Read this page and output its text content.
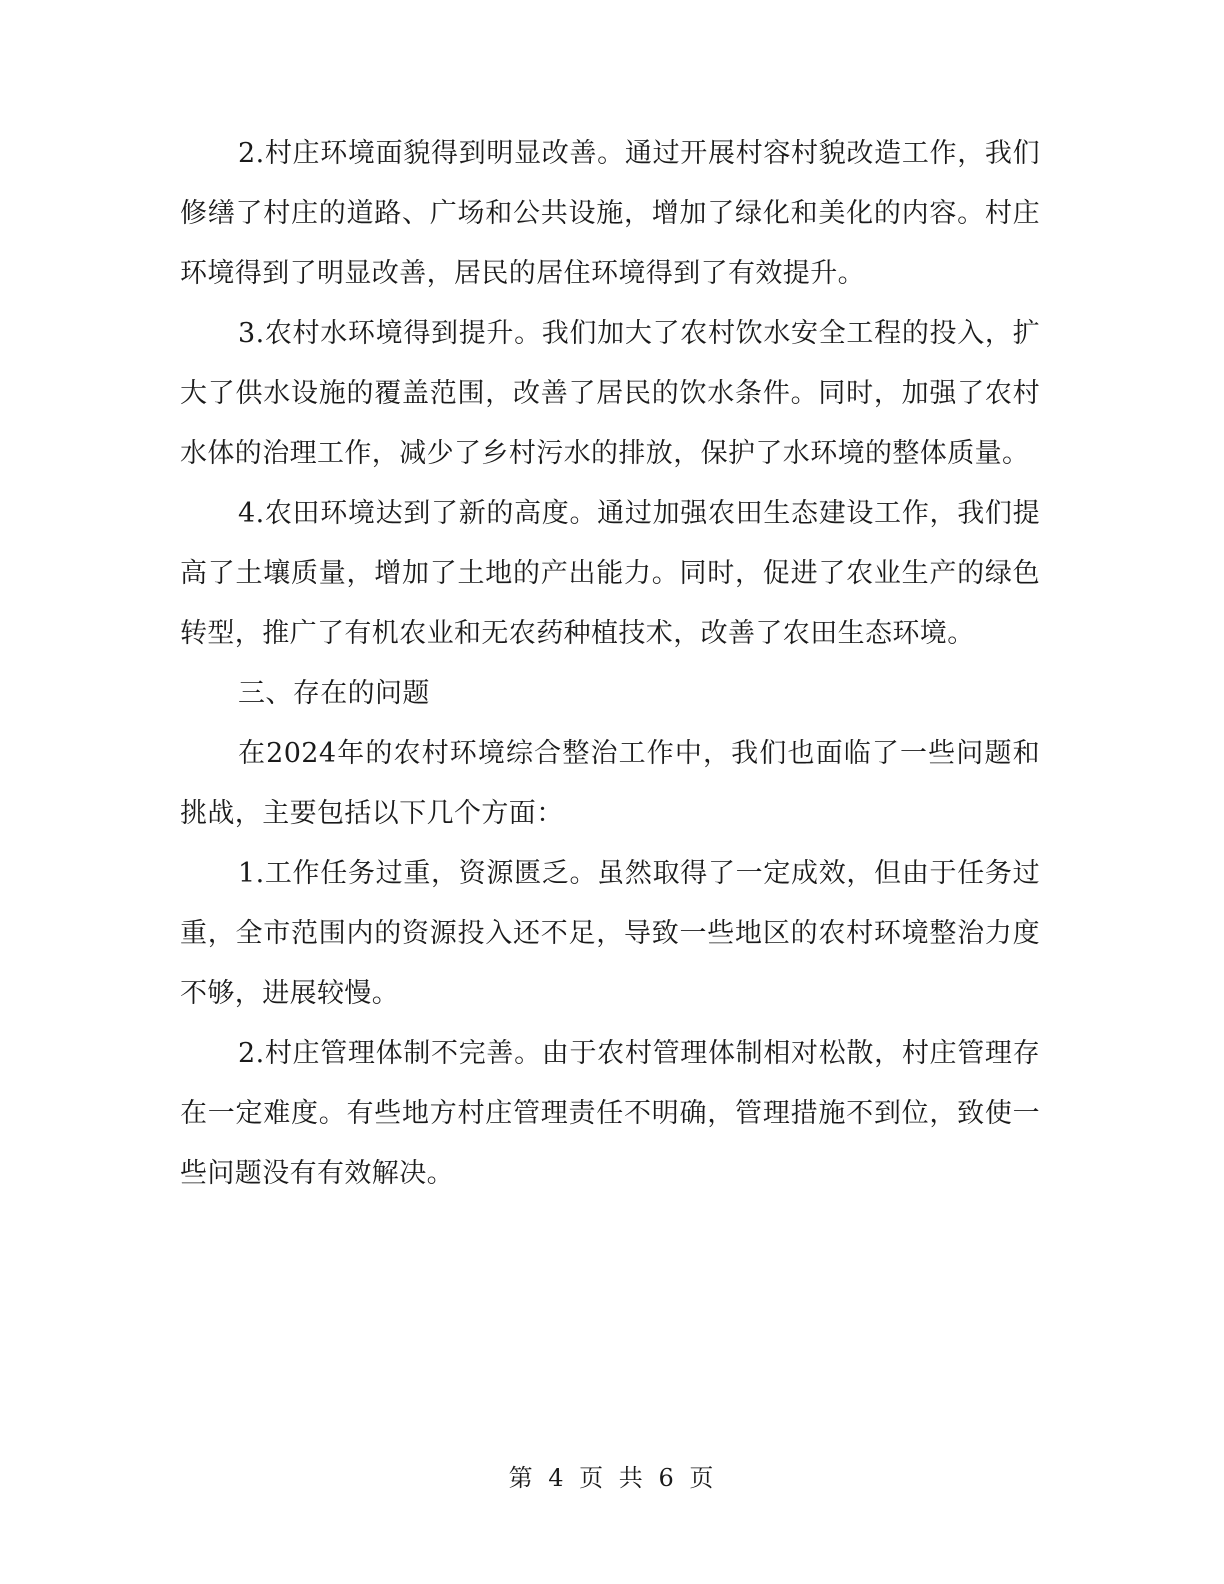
2.村庄环境面貌得到明显改善。通过开展村容村貌改造工作，我们修缮了村庄的道路、广场和公共设施，增加了绿化和美化的内容。村庄环境得到了明显改善，居民的居住环境得到了有效提升。

3.农村水环境得到提升。我们加大了农村饮水安全工程的投入，扩大了供水设施的覆盖范围，改善了居民的饮水条件。同时，加强了农村水体的治理工作，减少了乡村污水的排放，保护了水环境的整体质量。

4.农田环境达到了新的高度。通过加强农田生态建设工作，我们提高了土壤质量，增加了土地的产出能力。同时，促进了农业生产的绿色转型，推广了有机农业和无农药种植技术，改善了农田生态环境。

三、存在的问题

在2024年的农村环境综合整治工作中，我们也面临了一些问题和挑战，主要包括以下几个方面：

1.工作任务过重，资源匮乏。虽然取得了一定成效，但由于任务过重，全市范围内的资源投入还不足，导致一些地区的农村环境整治力度不够，进展较慢。

2.村庄管理体制不完善。由于农村管理体制相对松散，村庄管理存在一定难度。有些地方村庄管理责任不明确，管理措施不到位，致使一些问题没有有效解决。

第 4 页 共 6 页
